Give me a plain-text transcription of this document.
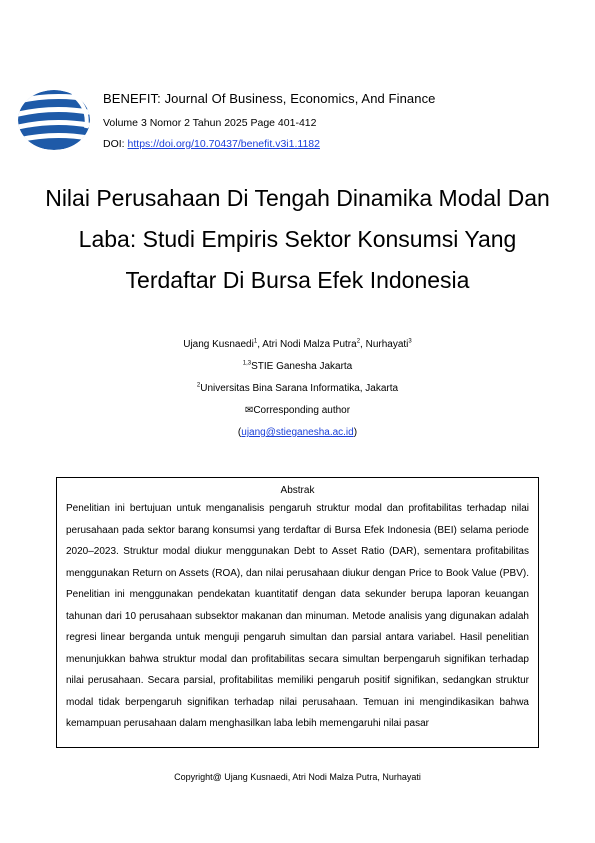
BENEFIT: Journal Of Business, Economics, And Finance
Volume 3 Nomor 2 Tahun 2025 Page 401-412
DOI: https://doi.org/10.70437/benefit.v3i1.1182
Nilai Perusahaan Di Tengah Dinamika Modal Dan Laba: Studi Empiris Sektor Konsumsi Yang Terdaftar Di Bursa Efek Indonesia
Ujang Kusnaedi$^1$, Atri Nodi Malza Putra$^2$, Nurhayati$^3$
$^{1,3}$STIE Ganesha Jakarta
$^2$Universitas Bina Sarana Informatika, Jakarta
✉Corresponding author
(ujang@stieganesha.ac.id)
Abstrak

Penelitian ini bertujuan untuk menganalisis pengaruh struktur modal dan profitabilitas terhadap nilai perusahaan pada sektor barang konsumsi yang terdaftar di Bursa Efek Indonesia (BEI) selama periode 2020–2023. Struktur modal diukur menggunakan Debt to Asset Ratio (DAR), sementara profitabilitas menggunakan Return on Assets (ROA), dan nilai perusahaan diukur dengan Price to Book Value (PBV). Penelitian ini menggunakan pendekatan kuantitatif dengan data sekunder berupa laporan keuangan tahunan dari 10 perusahaan subsektor makanan dan minuman. Metode analisis yang digunakan adalah regresi linear berganda untuk menguji pengaruh simultan dan parsial antara variabel. Hasil penelitian menunjukkan bahwa struktur modal dan profitabilitas secara simultan berpengaruh signifikan terhadap nilai perusahaan. Secara parsial, profitabilitas memiliki pengaruh positif signifikan, sedangkan struktur modal tidak berpengaruh signifikan terhadap nilai perusahaan. Temuan ini mengindikasikan bahwa kemampuan perusahaan dalam menghasilkan laba lebih memengaruhi nilai pasar

Copyright@ Ujang Kusnaedi, Atri Nodi Malza Putra, Nurhayati
